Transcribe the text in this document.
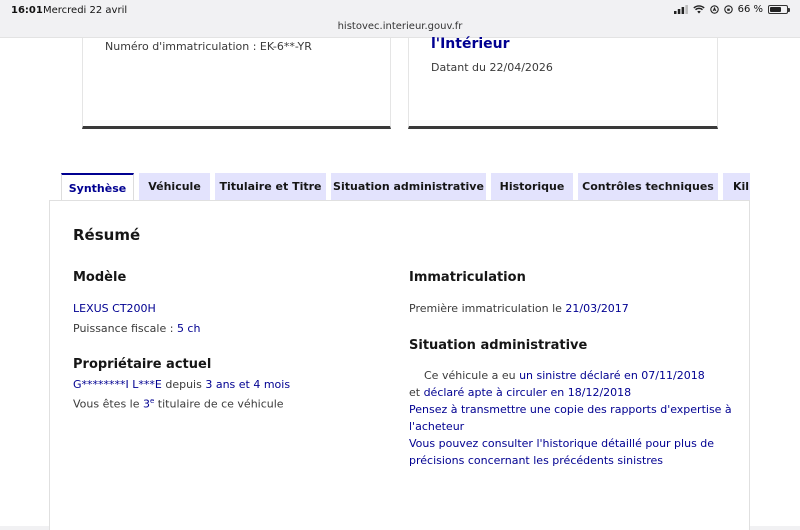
16:01 Mercredi 22 avril	66 %
histovec.interieur.gouv.fr
Numéro d'immatriculation : EK-6**-YR	l'Intérieur
Datant du 22/04/2026
Synthèse	Véhicule	Titulaire et Titre	Situation administrative	Historique	Contrôles techniques	Kil
Résumé
Modèle
LEXUS CT200H
Puissance fiscale : 5 ch
Propriétaire actuel
G********I L***E depuis 3 ans et 4 mois
Vous êtes le 3e titulaire de ce véhicule
Immatriculation
Première immatriculation le 21/03/2017
Situation administrative
Ce véhicule a eu un sinistre déclaré en 07/11/2018
et déclaré apte à circuler en 18/12/2018
Pensez à transmettre une copie des rapports d'expertise à
l'acheteur
Vous pouvez consulter l'historique détaillé pour plus de
précisions concernant les précédents sinistres
